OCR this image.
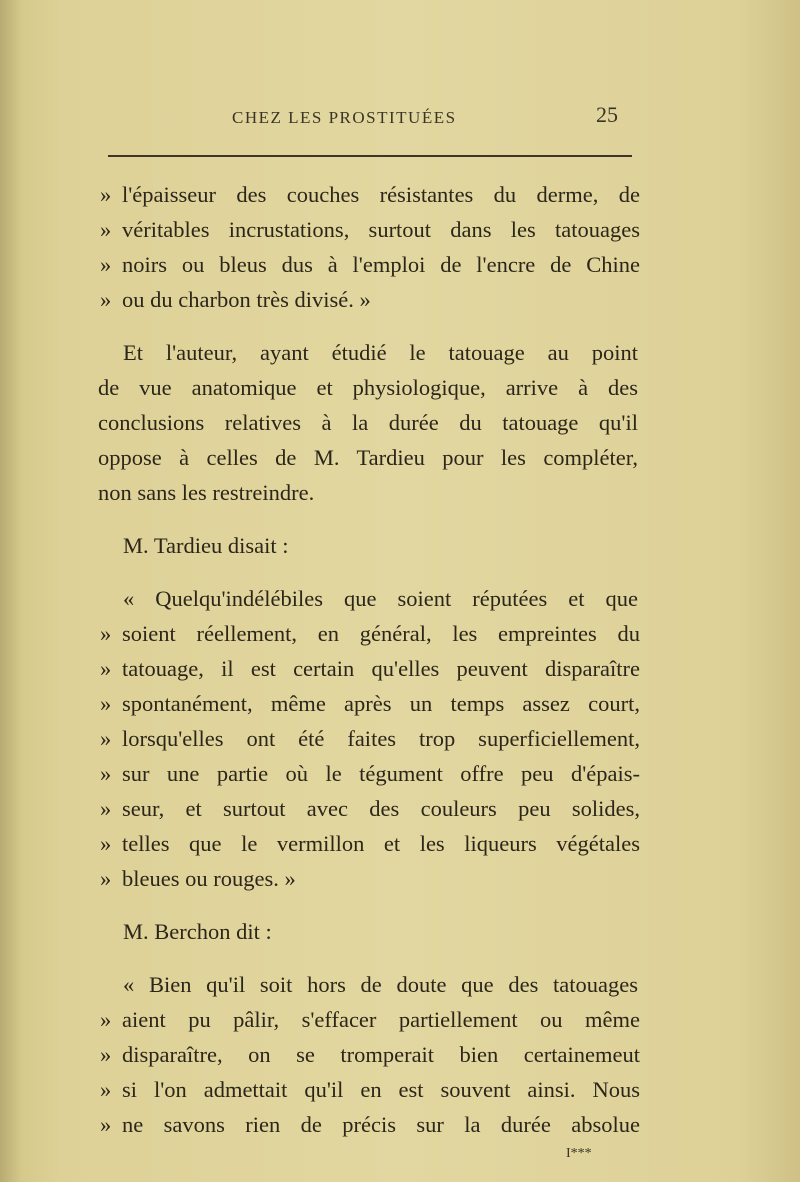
CHEZ LES PROSTITUÉES	25
» l'épaisseur des couches résistantes du derme, de
» véritables incrustations, surtout dans les tatouages
» noirs ou bleus dus à l'emploi de l'encre de Chine
» ou du charbon très divisé. »
Et l'auteur, ayant étudié le tatouage au point
de vue anatomique et physiologique, arrive à des
conclusions relatives à la durée du tatouage qu'il
oppose à celles de M. Tardieu pour les compléter,
non sans les restreindre.
M. Tardieu disait :
« Quelqu'indélébiles que soient réputées et que
» soient réellement, en général, les empreintes du
» tatouage, il est certain qu'elles peuvent disparaître
» spontanément, même après un temps assez court,
» lorsqu'elles ont été faites trop superficiellement,
» sur une partie où le tégument offre peu d'épais-
» seur, et surtout avec des couleurs peu solides,
» telles que le vermillon et les liqueurs végétales
» bleues ou rouges. »
M. Berchon dit :
« Bien qu'il soit hors de doute que des tatouages
» aient pu pâlir, s'effacer partiellement ou même
» disparaître, on se tromperait bien certainemeut
» si l'on admettait qu'il en est souvent ainsi. Nous
» ne savons rien de précis sur la durée absolue
I***
